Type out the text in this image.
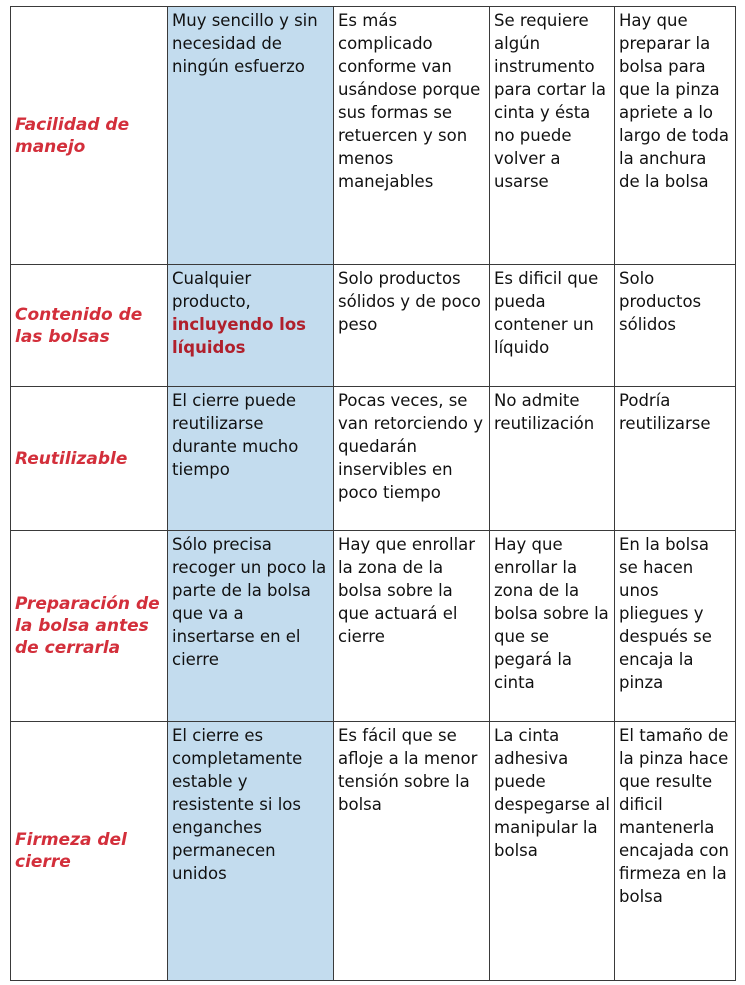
Facilidad de manejo	Muy sencillo y sin necesidad de ningún esfuerzo	Es más complicado conforme van usándose porque sus formas se retuercen y son menos manejables	Se requiere algún instrumento para cortar la cinta y ésta no puede volver a usarse	Hay que preparar la bolsa para que la pinza apriete a lo largo de toda la anchura de la bolsa
Contenido de las bolsas	Cualquier producto, incluyendo los líquidos	Solo productos sólidos y de poco peso	Es dificil que pueda contener un líquido	Solo productos sólidos
Reutilizable	El cierre puede reutilizarse durante mucho tiempo	Pocas veces, se van retorciendo y quedarán inservibles en poco tiempo	No admite reutilización	Podría reutilizarse
Preparación de la bolsa antes de cerrarla	Sólo precisa recoger un poco la parte de la bolsa que va a insertarse en el cierre	Hay que enrollar la zona de la bolsa sobre la que actuará el cierre	Hay que enrollar la zona de la bolsa sobre la que se pegará la cinta	En la bolsa se hacen unos pliegues y después se encaja la pinza
Firmeza del cierre	El cierre es completamente estable y resistente si los enganches permanecen unidos	Es fácil que se afloje a la menor tensión sobre la bolsa	La cinta adhesiva puede despegarse al manipular la bolsa	El tamaño de la pinza hace que resulte dificil mantenerla encajada con firmeza en la bolsa
